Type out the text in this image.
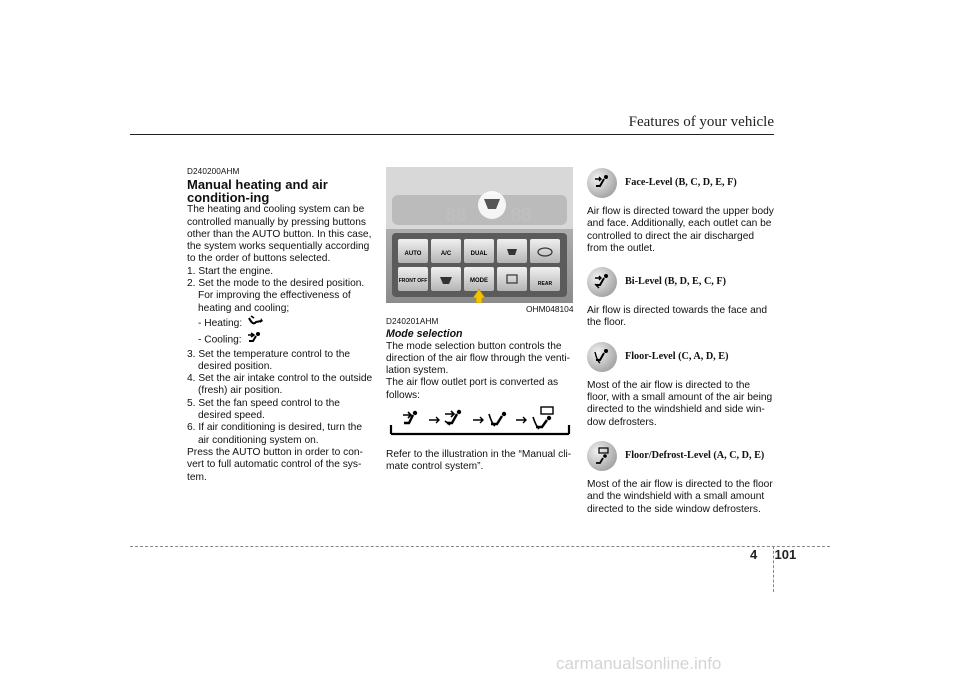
Features of your vehicle

D240200AHM

Manual heating and air condition-ing

The heating and cooling system can be controlled manually by pressing buttons other than the AUTO button. In this case, the system works sequentially according to the order of buttons selected.

1. Start the engine.

2. Set the mode to the desired position.

For improving the effectiveness of heating and cooling;

- Heating:

- Cooling:

3. Set the temperature control to the desired position.

4. Set the air intake control to the outside (fresh) air position.

5. Set the fan speed control to the desired speed.

6. If air conditioning is desired, turn the air conditioning system on.

Press the AUTO button in order to con-vert to full automatic control of the sys-tem.

88 88
AUTO	A/C	DUAL
FRONT OFF	MODE	REAR
OHM048104

D240201AHM

Mode selection

The mode selection button controls the direction of the air flow through the venti-lation system.

The air flow outlet port is converted as follows:

Refer to the illustration in the “Manual cli-mate control system”.

Face-Level (B, C, D, E, F)

Air flow is directed toward the upper body and face. Additionally, each outlet can be controlled to direct the air discharged from the outlet.

Bi-Level (B, D, E, C, F)

Air flow is directed towards the face and the floor.

Floor-Level (C, A, D, E)

Most of the air flow is directed to the floor, with a small amount of the air being directed to the windshield and side win-dow defrosters.

Floor/Defrost-Level (A, C, D, E)

Most of the air flow is directed to the floor and the windshield with a small amount directed to the side window defrosters.

4 101
carmanualsonline.info
